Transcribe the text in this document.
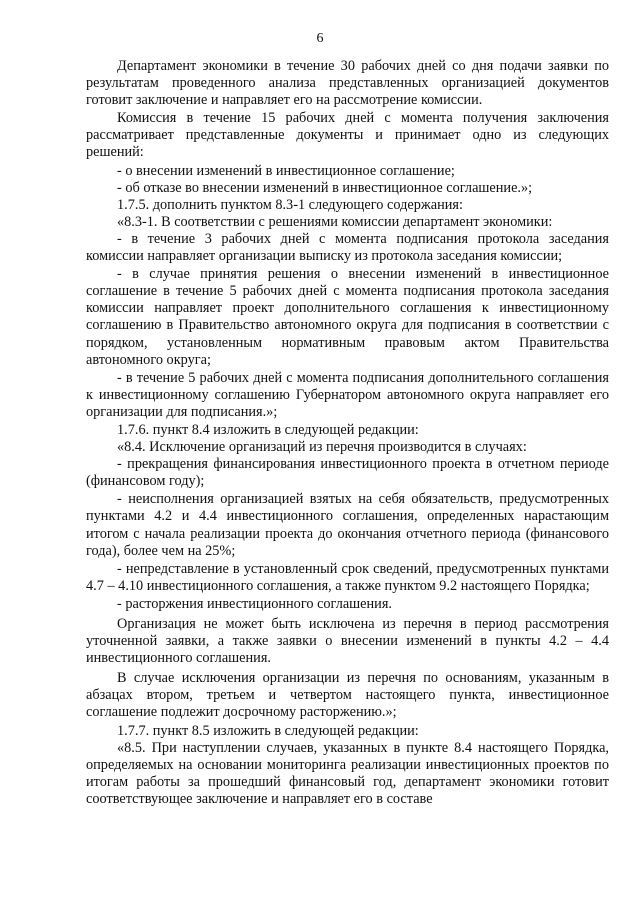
6

Департамент экономики в течение 30 рабочих дней со дня подачи заявки по результатам проведенного анализа представленных организацией документов готовит заключение и направляет его на рассмотрение комиссии.

Комиссия в течение 15 рабочих дней с момента получения заключения рассматривает представленные документы и принимает одно из следующих решений:

- о внесении изменений в инвестиционное соглашение;

- об отказе во внесении изменений в инвестиционное соглашение.»;

1.7.5. дополнить пунктом 8.3-1 следующего содержания:

«8.3-1. В соответствии с решениями комиссии департамент экономики:

- в течение 3 рабочих дней с момента подписания протокола заседания комиссии направляет организации выписку из протокола заседания комиссии;

- в случае принятия решения о внесении изменений в инвестиционное соглашение в течение 5 рабочих дней с момента подписания протокола заседания комиссии направляет проект дополнительного соглашения к инвестиционному соглашению в Правительство автономного округа для подписания в соответствии с порядком, установленным нормативным правовым актом Правительства автономного округа;

- в течение 5 рабочих дней с момента подписания дополнительного соглашения к инвестиционному соглашению Губернатором автономного округа направляет его организации для подписания.»;

1.7.6. пункт 8.4 изложить в следующей редакции:

«8.4. Исключение организаций из перечня производится в случаях:

- прекращения финансирования инвестиционного проекта в отчетном периоде (финансовом году);

- неисполнения организацией взятых на себя обязательств, предусмотренных пунктами 4.2 и 4.4 инвестиционного соглашения, определенных нарастающим итогом с начала реализации проекта до окончания отчетного периода (финансового года), более чем на 25%;

- непредставление в установленный срок сведений, предусмотренных пунктами 4.7 – 4.10 инвестиционного соглашения, а также пунктом 9.2 настоящего Порядка;

- расторжения инвестиционного соглашения.

Организация не может быть исключена из перечня в период рассмотрения уточненной заявки, а также заявки о внесении изменений в пункты 4.2 – 4.4 инвестиционного соглашения.

В случае исключения организации из перечня по основаниям, указанным в абзацах втором, третьем и четвертом настоящего пункта, инвестиционное соглашение подлежит досрочному расторжению.»;

1.7.7. пункт 8.5 изложить в следующей редакции:

«8.5. При наступлении случаев, указанных в пункте 8.4 настоящего Порядка, определяемых на основании мониторинга реализации инвестиционных проектов по итогам работы за прошедший финансовый год, департамент экономики готовит соответствующее заключение и направляет его в составе
